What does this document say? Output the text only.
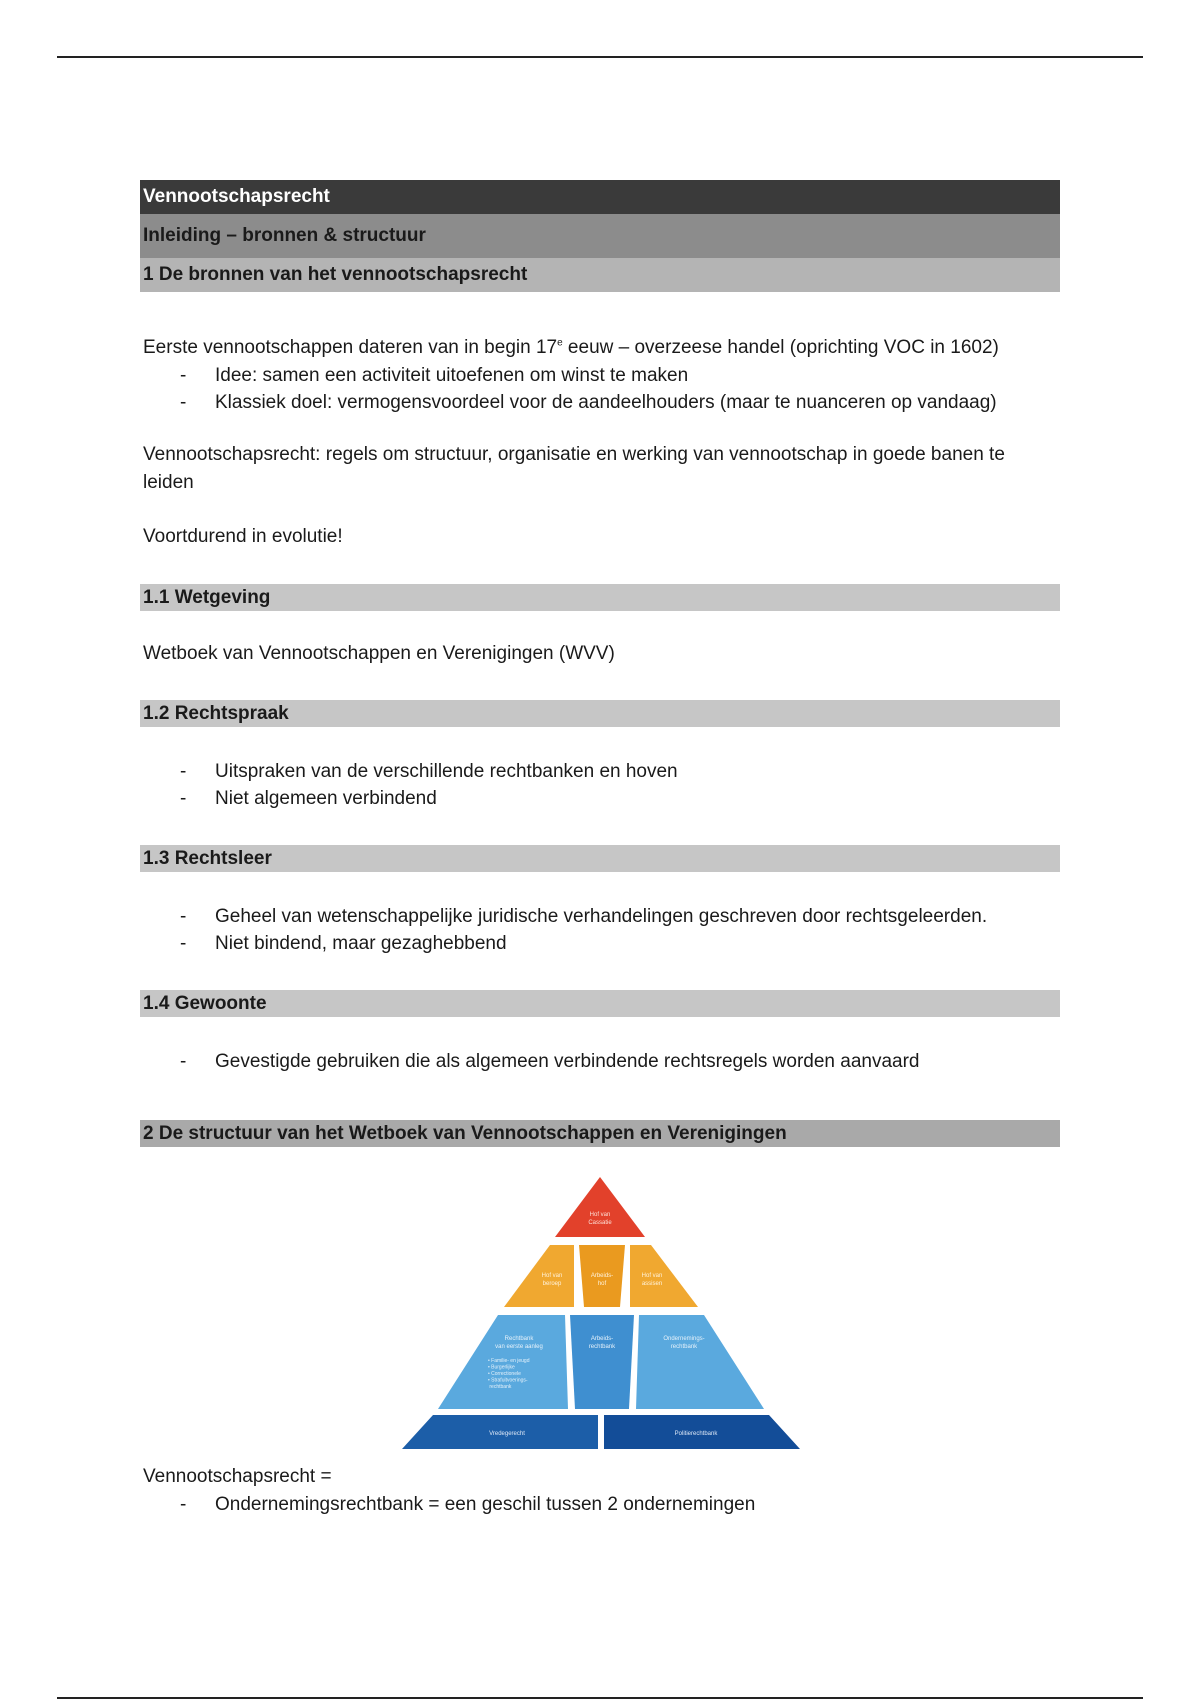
Vennootschapsrecht
Inleiding – bronnen & structuur
1 De bronnen van het vennootschapsrecht

Eerste vennootschappen dateren van in begin 17e eeuw – overzeese handel (oprichting VOC in 1602)

- Idee: samen een activiteit uitoefenen om winst te maken
- Klassiek doel: vermogensvoordeel voor de aandeelhouders (maar te nuanceren op vandaag)

Vennootschapsrecht: regels om structuur, organisatie en werking van vennootschap in goede banen te leiden

Voortdurend in evolutie!

1.1 Wetgeving

Wetboek van Vennootschappen en Verenigingen (WVV)

1.2 Rechtspraak
- Uitspraken van de verschillende rechtbanken en hoven
- Niet algemeen verbindend
1.3 Rechtsleer
- Geheel van wetenschappelijke juridische verhandelingen geschreven door rechtsgeleerden.
- Niet bindend, maar gezaghebbend
1.4 Gewoonte
- Gevestigde gebruiken die als algemeen verbindende rechtsregels worden aanvaard
2 De structuur van het Wetboek van Vennootschappen en Verenigingen
Hof van Cassatie
Hof van beroep
Arbeids-hof
Hof van assisen
Rechtbank van eerste aanleg
• Familie- en jeugd • Burgerlijke • Correctionele • Strafuitvoerings- rechtbank
Arbeids-rechtbank
Ondernemings-rechtbank
Vredegerecht	Politierechtbank

Vennootschapsrecht =

- Ondernemingsrechtbank = een geschil tussen 2 ondernemingen
